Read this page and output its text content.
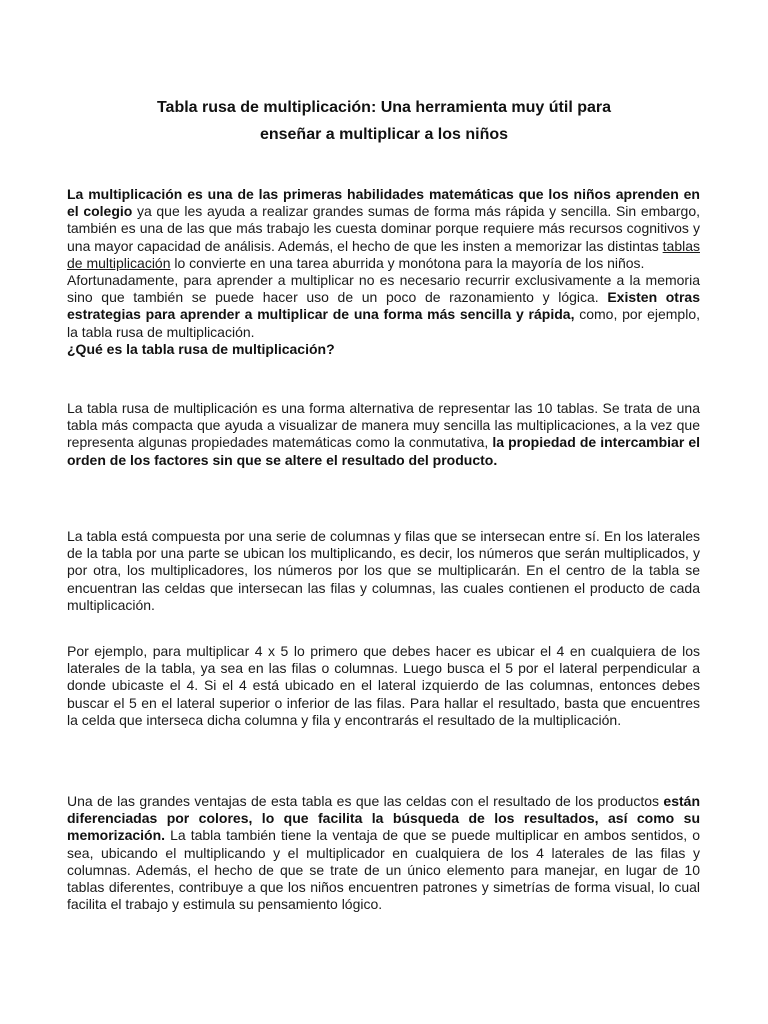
Tabla rusa de multiplicación: Una herramienta muy útil para
enseñar a multiplicar a los niños
La multiplicación es una de las primeras habilidades matemáticas que los niños aprenden en el colegio ya que les ayuda a realizar grandes sumas de forma más rápida y sencilla. Sin embargo, también es una de las que más trabajo les cuesta dominar porque requiere más recursos cognitivos y una mayor capacidad de análisis. Además, el hecho de que les insten a memorizar las distintas tablas de multiplicación lo convierte en una tarea aburrida y monótona para la mayoría de los niños.
Afortunadamente, para aprender a multiplicar no es necesario recurrir exclusivamente a la memoria sino que también se puede hacer uso de un poco de razonamiento y lógica. Existen otras estrategias para aprender a multiplicar de una forma más sencilla y rápida, como, por ejemplo, la tabla rusa de multiplicación.
¿Qué es la tabla rusa de multiplicación?
La tabla rusa de multiplicación es una forma alternativa de representar las 10 tablas. Se trata de una tabla más compacta que ayuda a visualizar de manera muy sencilla las multiplicaciones, a la vez que representa algunas propiedades matemáticas como la conmutativa, la propiedad de intercambiar el orden de los factores sin que se altere el resultado del producto.
La tabla está compuesta por una serie de columnas y filas que se intersecan entre sí. En los laterales de la tabla por una parte se ubican los multiplicando, es decir, los números que serán multiplicados, y por otra, los multiplicadores, los números por los que se multiplicarán. En el centro de la tabla se encuentran las celdas que intersecan las filas y columnas, las cuales contienen el producto de cada multiplicación.
Por ejemplo, para multiplicar 4 x 5 lo primero que debes hacer es ubicar el 4 en cualquiera de los laterales de la tabla, ya sea en las filas o columnas. Luego busca el 5 por el lateral perpendicular a donde ubicaste el 4. Si el 4 está ubicado en el lateral izquierdo de las columnas, entonces debes buscar el 5 en el lateral superior o inferior de las filas. Para hallar el resultado, basta que encuentres la celda que interseca dicha columna y fila y encontrarás el resultado de la multiplicación.
Una de las grandes ventajas de esta tabla es que las celdas con el resultado de los productos están diferenciadas por colores, lo que facilita la búsqueda de los resultados, así como su memorización. La tabla también tiene la ventaja de que se puede multiplicar en ambos sentidos, o sea, ubicando el multiplicando y el multiplicador en cualquiera de los 4 laterales de las filas y columnas. Además, el hecho de que se trate de un único elemento para manejar, en lugar de 10 tablas diferentes, contribuye a que los niños encuentren patrones y simetrías de forma visual, lo cual facilita el trabajo y estimula su pensamiento lógico.
